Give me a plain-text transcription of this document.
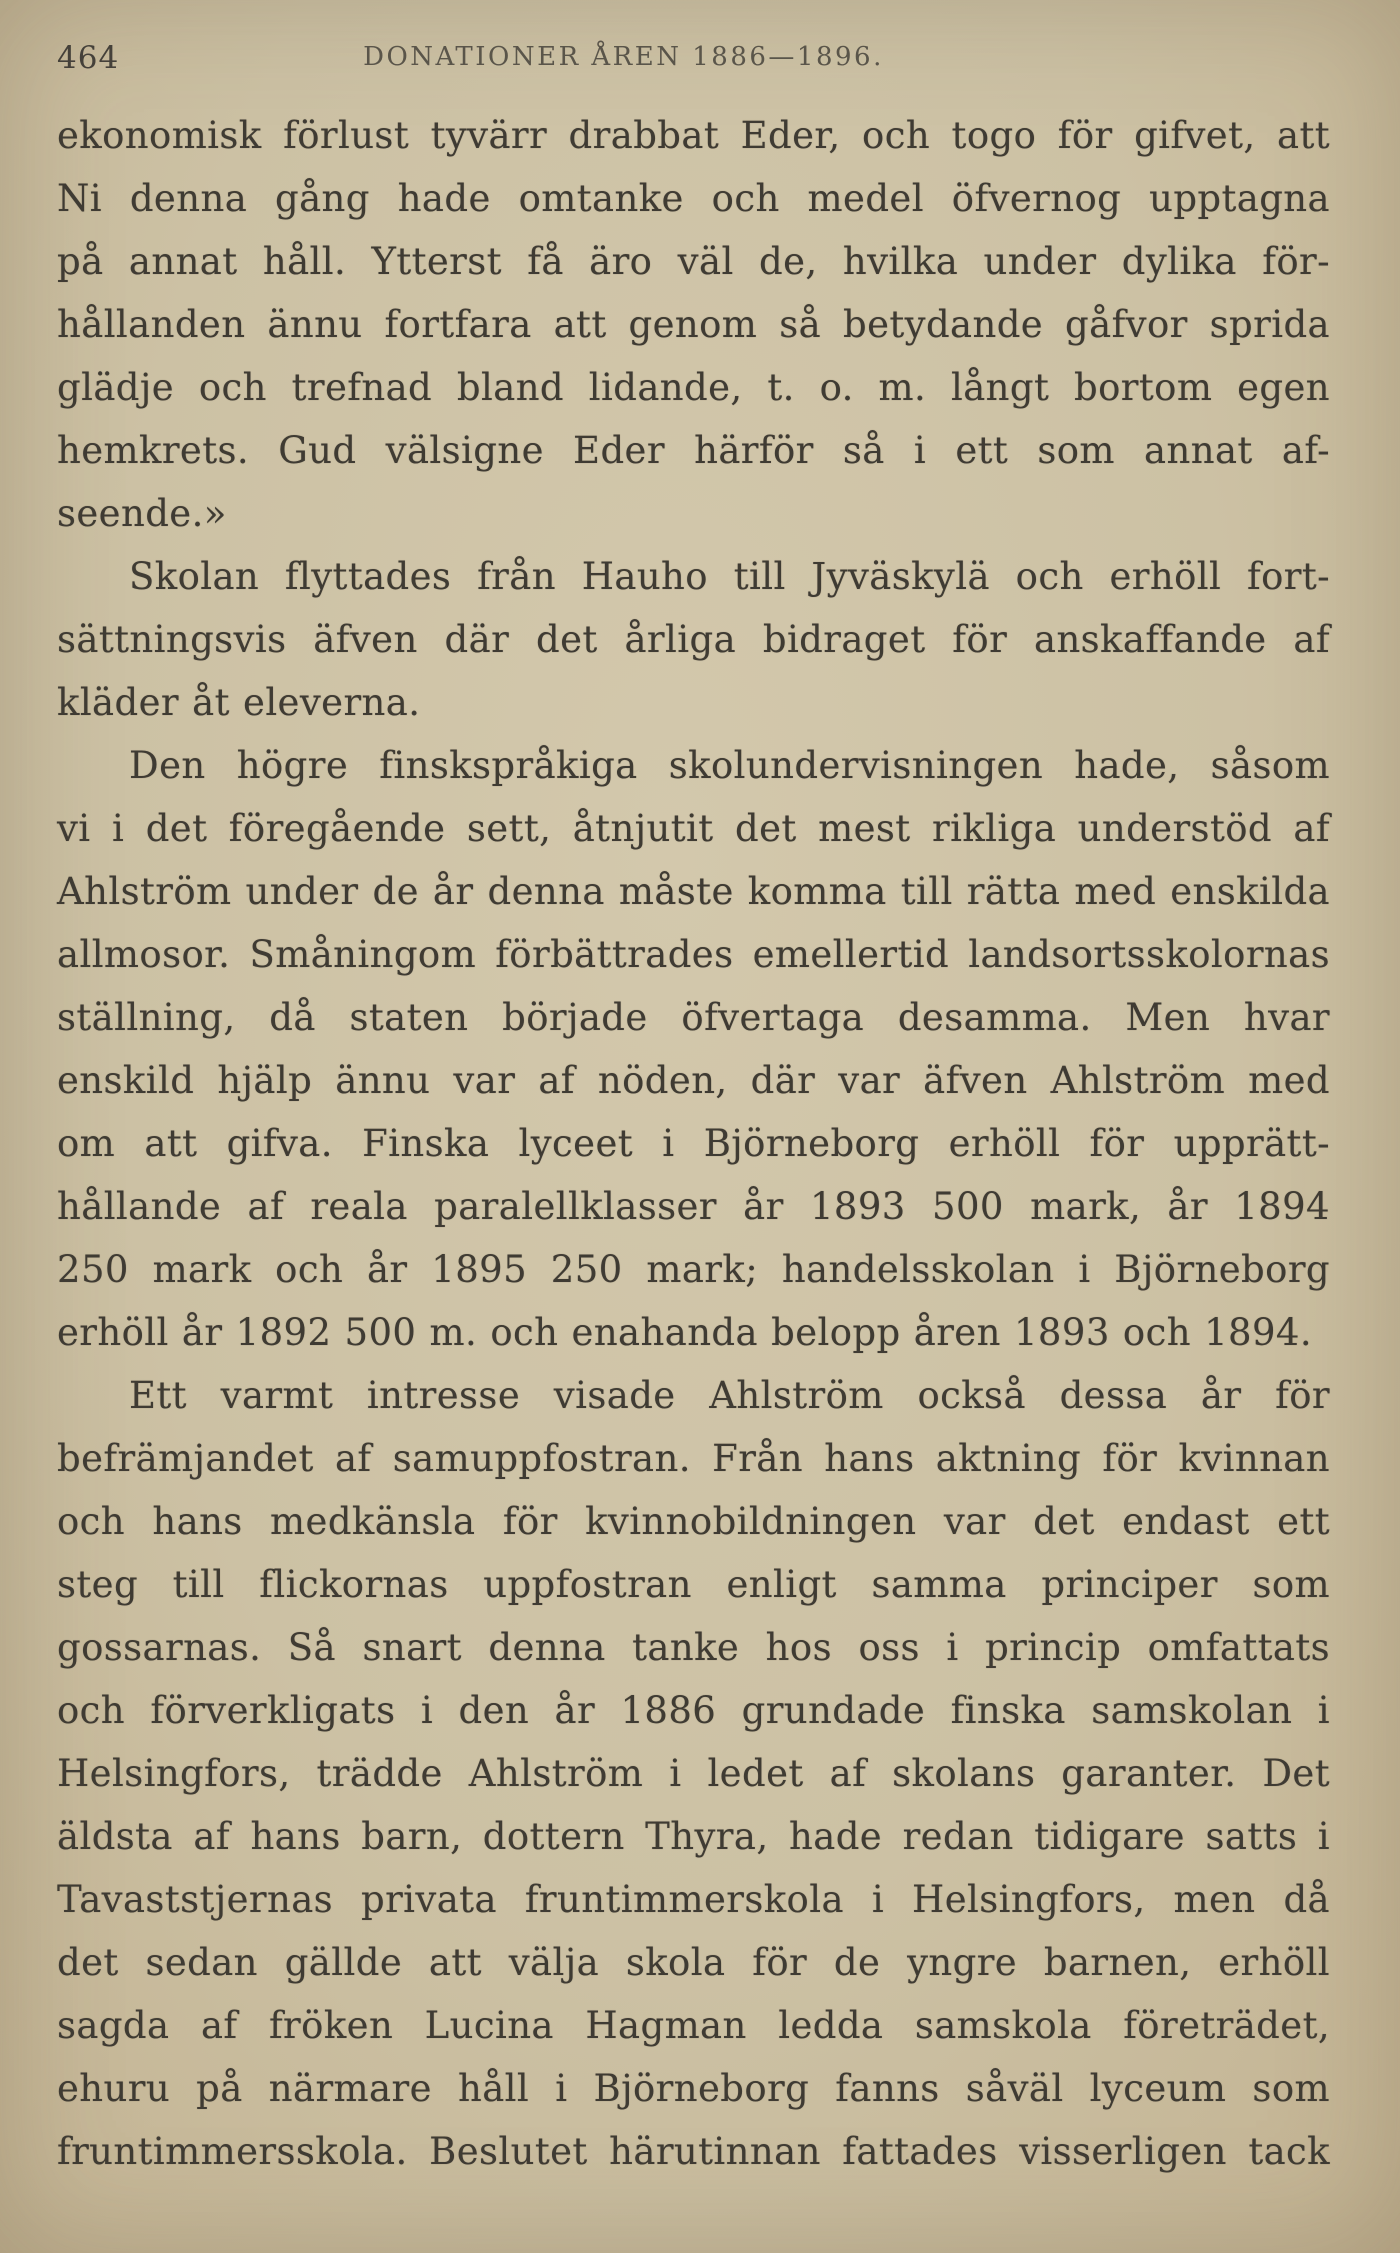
464	DONATIONER ÅREN 1886—1896.
ekonomisk förlust tyvärr drabbat Eder, och togo för gifvet, att
Ni denna gång hade omtanke och medel öfvernog upptagna
på annat håll. Ytterst få äro väl de, hvilka under dylika för-
hållanden ännu fortfara att genom så betydande gåfvor sprida
glädje och trefnad bland lidande, t. o. m. långt bortom egen
hemkrets. Gud välsigne Eder härför så i ett som annat af-
seende.»
Skolan flyttades från Hauho till Jyväskylä och erhöll fort-
sättningsvis äfven där det årliga bidraget för anskaffande af
kläder åt eleverna.
Den högre finskspråkiga skolundervisningen hade, såsom
vi i det föregående sett, åtnjutit det mest rikliga understöd af
Ahlström under de år denna måste komma till rätta med enskilda
allmosor. Småningom förbättrades emellertid landsortsskolornas
ställning, då staten började öfvertaga desamma. Men hvar
enskild hjälp ännu var af nöden, där var äfven Ahlström med
om att gifva. Finska lyceet i Björneborg erhöll för upprätt-
hållande af reala paralellklasser år 1893 500 mark, år 1894
250 mark och år 1895 250 mark; handelsskolan i Björneborg
erhöll år 1892 500 m. och enahanda belopp åren 1893 och 1894.
Ett varmt intresse visade Ahlström också dessa år för
befrämjandet af samuppfostran. Från hans aktning för kvinnan
och hans medkänsla för kvinnobildningen var det endast ett
steg till flickornas uppfostran enligt samma principer som
gossarnas. Så snart denna tanke hos oss i princip omfattats
och förverkligats i den år 1886 grundade finska samskolan i
Helsingfors, trädde Ahlström i ledet af skolans garanter. Det
äldsta af hans barn, dottern Thyra, hade redan tidigare satts i
Tavaststjernas privata fruntimmerskola i Helsingfors, men då
det sedan gällde att välja skola för de yngre barnen, erhöll
sagda af fröken Lucina Hagman ledda samskola företrädet,
ehuru på närmare håll i Björneborg fanns såväl lyceum som
fruntimmersskola. Beslutet härutinnan fattades visserligen tack
